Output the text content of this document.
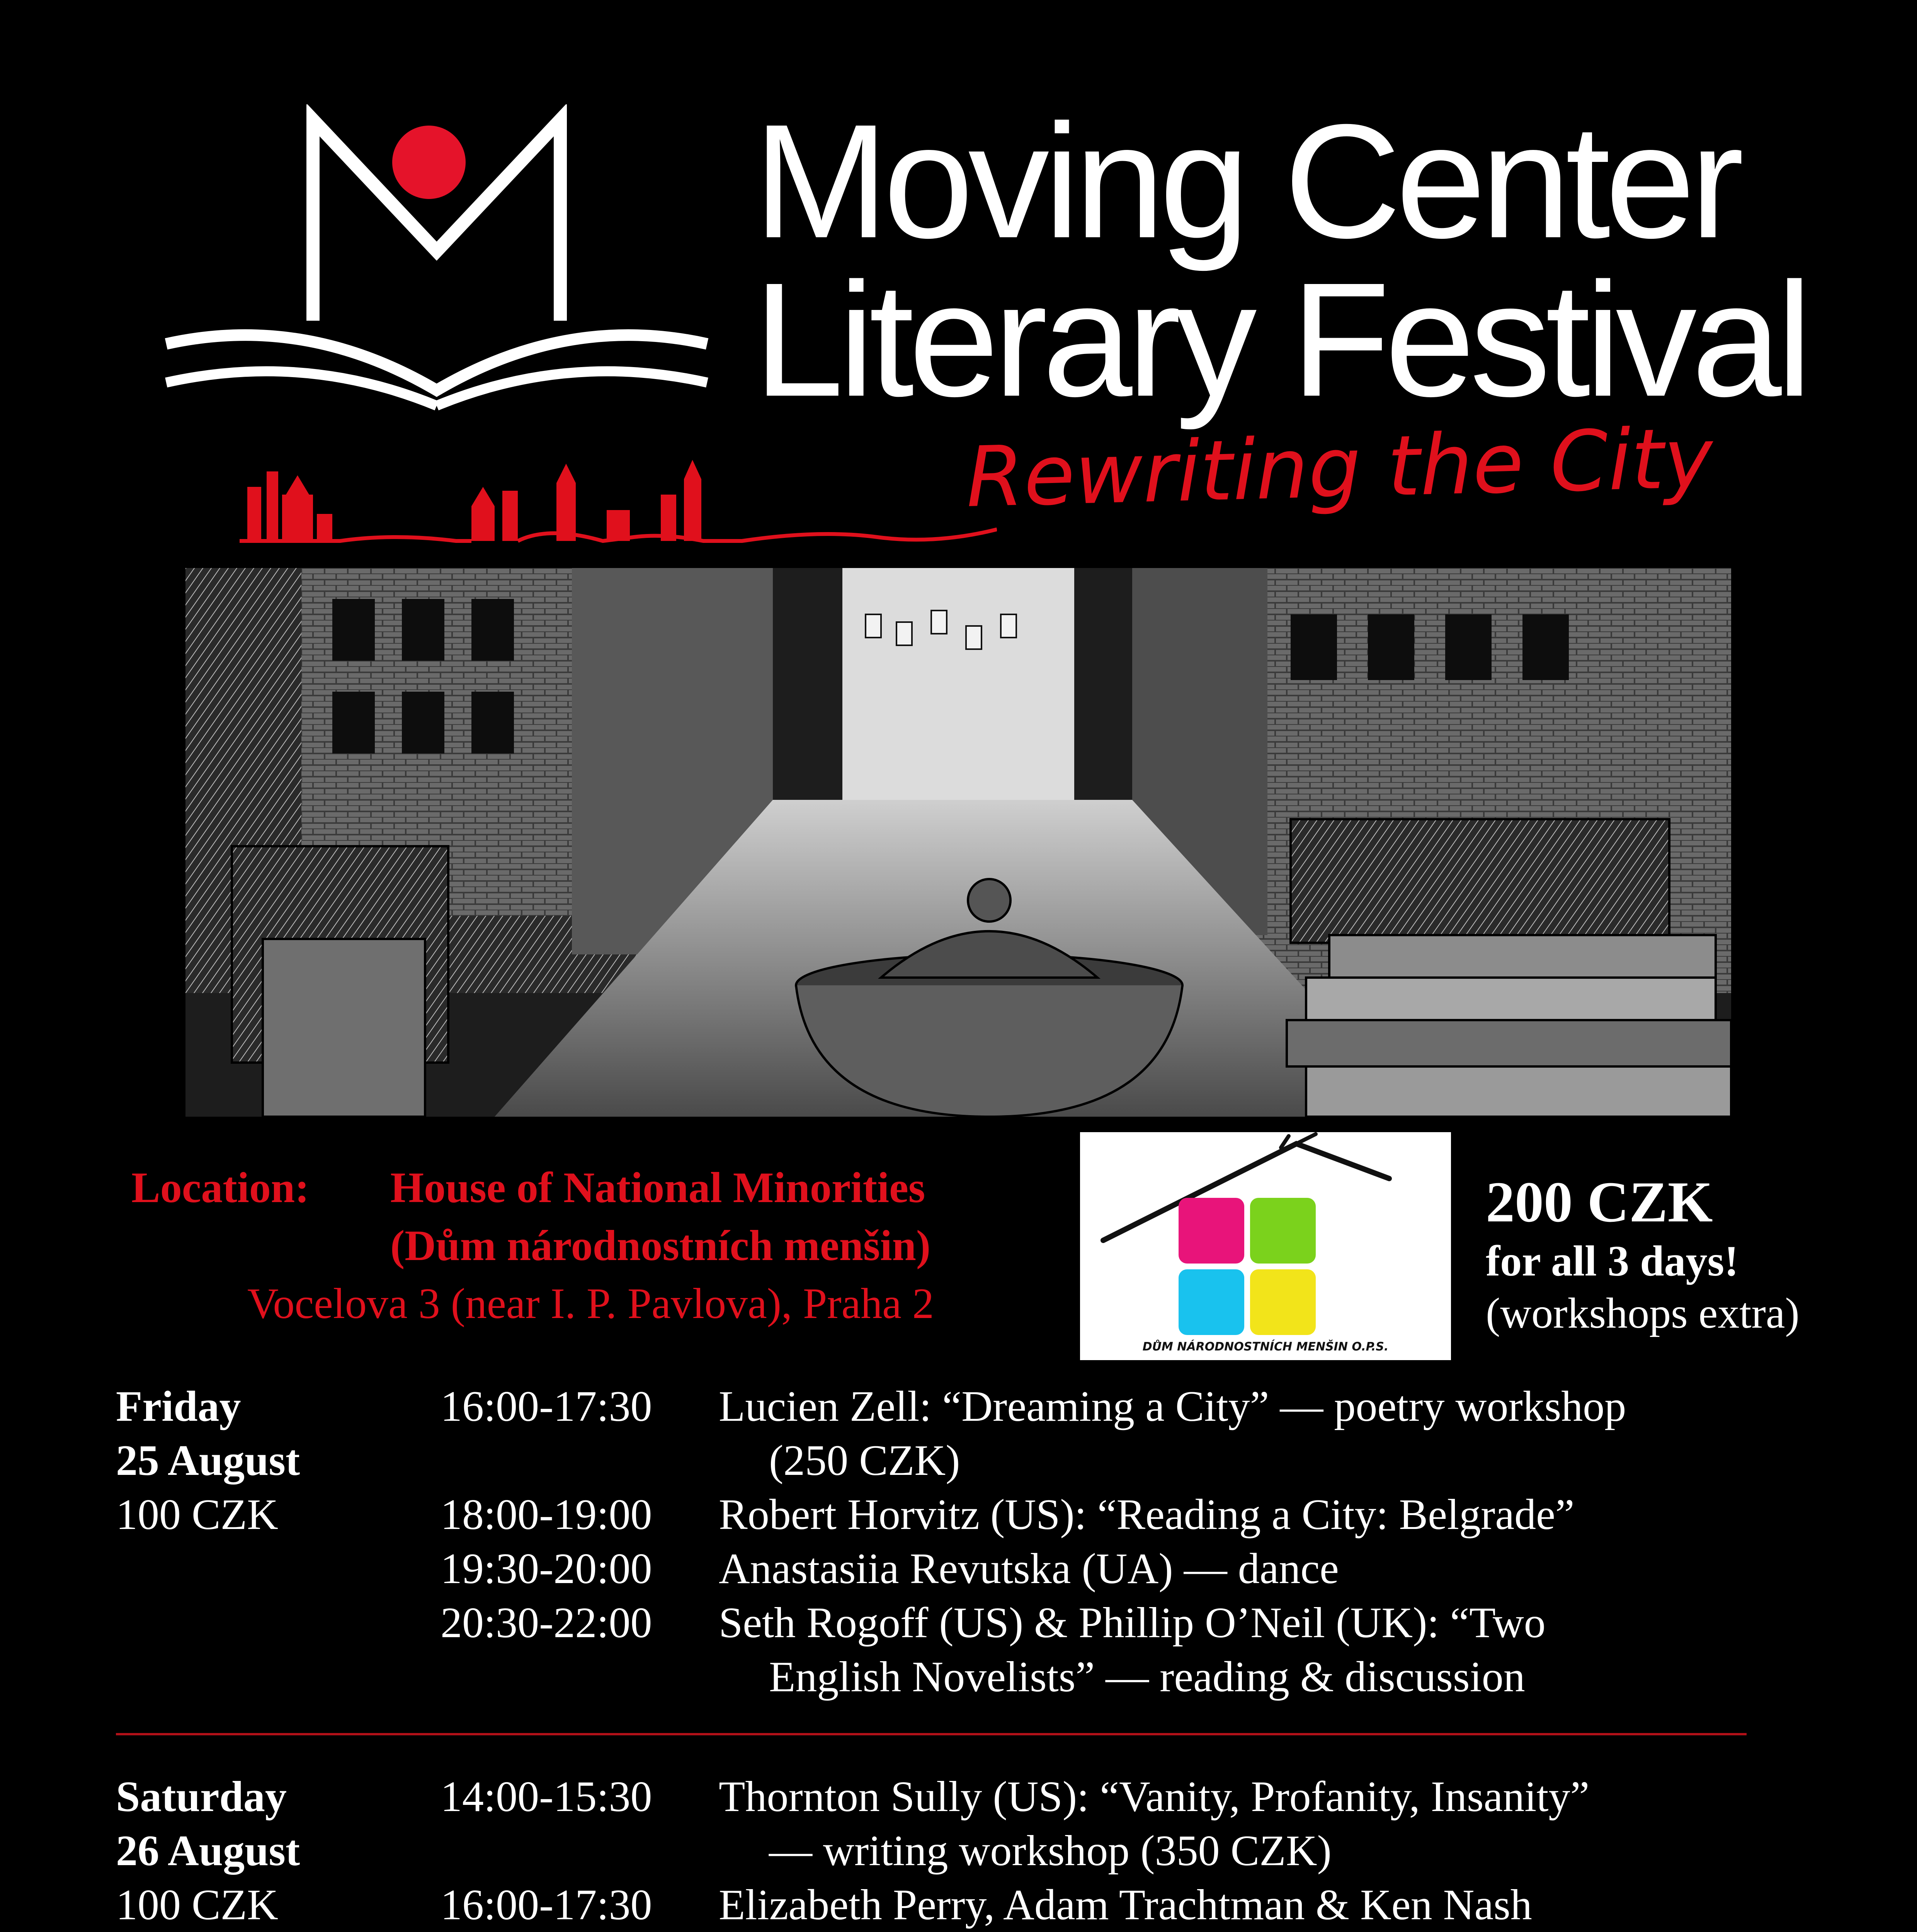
Moving Center
Literary Festival
Rewriting the City
Location: House of National Minorities
(Dům národnostních menšin)
Vocelova 3 (near I. P. Pavlova), Praha 2
DŮM NÁRODNOSTNÍCH MENŠIN O.P.S.
200 CZK
for all 3 days!
(workshops extra)
Friday
25 August
100 CZK
16:00-17:30 Lucien Zell: “Dreaming a City” — poetry workshop
(250 CZK)
18:00-19:00 Robert Horvitz (US): “Reading a City: Belgrade”
19:30-20:00 Anastasiia Revutska (UA) — dance
20:30-22:00 Seth Rogoff (US) & Phillip O’Neil (UK): “Two
English Novelists” — reading & discussion
Saturday
26 August
100 CZK
14:00-15:30 Thornton Sully (US): “Vanity, Profanity, Insanity”
— writing workshop (350 CZK)
16:00-17:30 Elizabeth Perry, Adam Trachtman & Ken Nash
